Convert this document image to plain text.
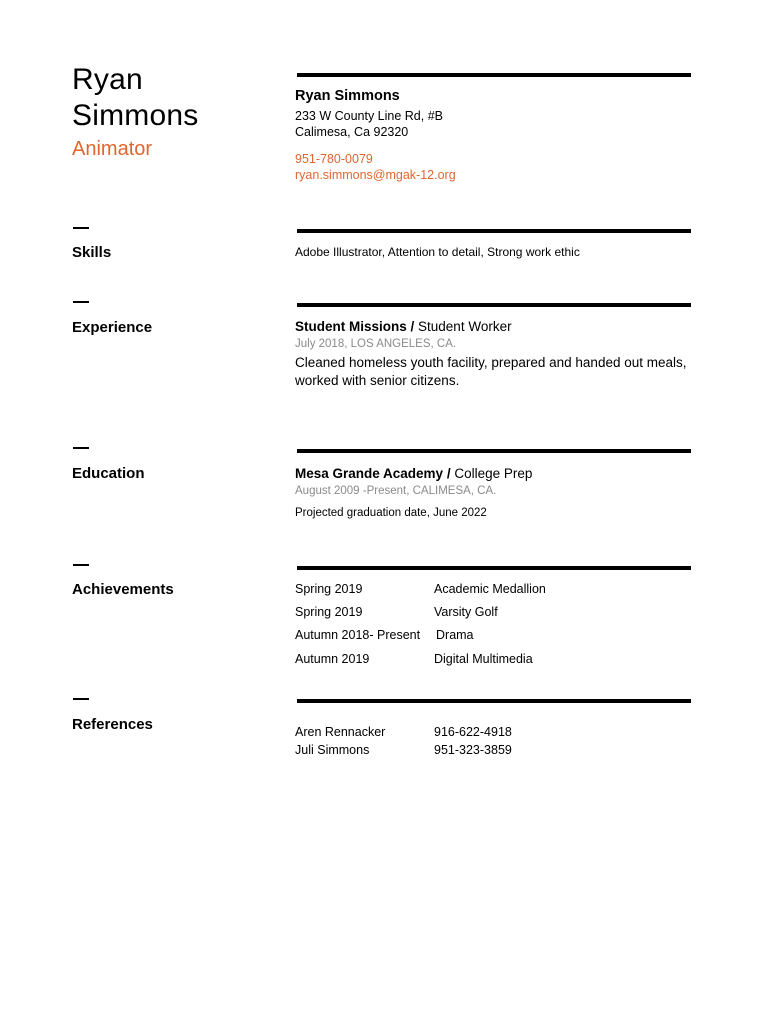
Ryan
Simmons
Animator
Ryan Simmons
233 W County Line Rd, #B
Calimesa, Ca 92320
951-780-0079
ryan.simmons@mgak-12.org
Skills	Adobe Illustrator, Attention to detail, Strong work ethic
Experience	Student Missions / Student Worker
July 2018, LOS ANGELES, CA.
Cleaned homeless youth facility, prepared and handed out meals,
worked with senior citizens.
Education	Mesa Grande Academy / College Prep
August 2009 -Present, CALIMESA, CA.
Projected graduation date, June 2022
Achievements	Spring 2019	Academic Medallion
Spring 2019	Varsity Golf
Autumn 2018- Present Drama
Autumn 2019	Digital Multimedia
References	Aren Rennacker	916-622-4918
Juli Simmons	951-323-3859
